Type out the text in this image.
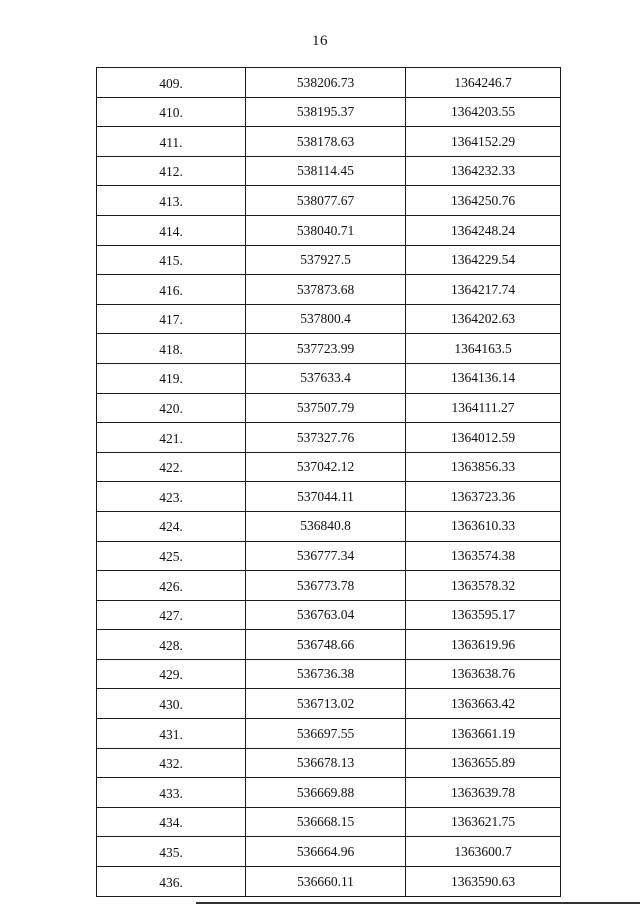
16
409.	538206.73	1364246.7
410.	538195.37	1364203.55
411.	538178.63	1364152.29
412.	538114.45	1364232.33
413.	538077.67	1364250.76
414.	538040.71	1364248.24
415.	537927.5	1364229.54
416.	537873.68	1364217.74
417.	537800.4	1364202.63
418.	537723.99	1364163.5
419.	537633.4	1364136.14
420.	537507.79	1364111.27
421.	537327.76	1364012.59
422.	537042.12	1363856.33
423.	537044.11	1363723.36
424.	536840.8	1363610.33
425.	536777.34	1363574.38
426.	536773.78	1363578.32
427.	536763.04	1363595.17
428.	536748.66	1363619.96
429.	536736.38	1363638.76
430.	536713.02	1363663.42
431.	536697.55	1363661.19
432.	536678.13	1363655.89
433.	536669.88	1363639.78
434.	536668.15	1363621.75
435.	536664.96	1363600.7
436.	536660.11	1363590.63
